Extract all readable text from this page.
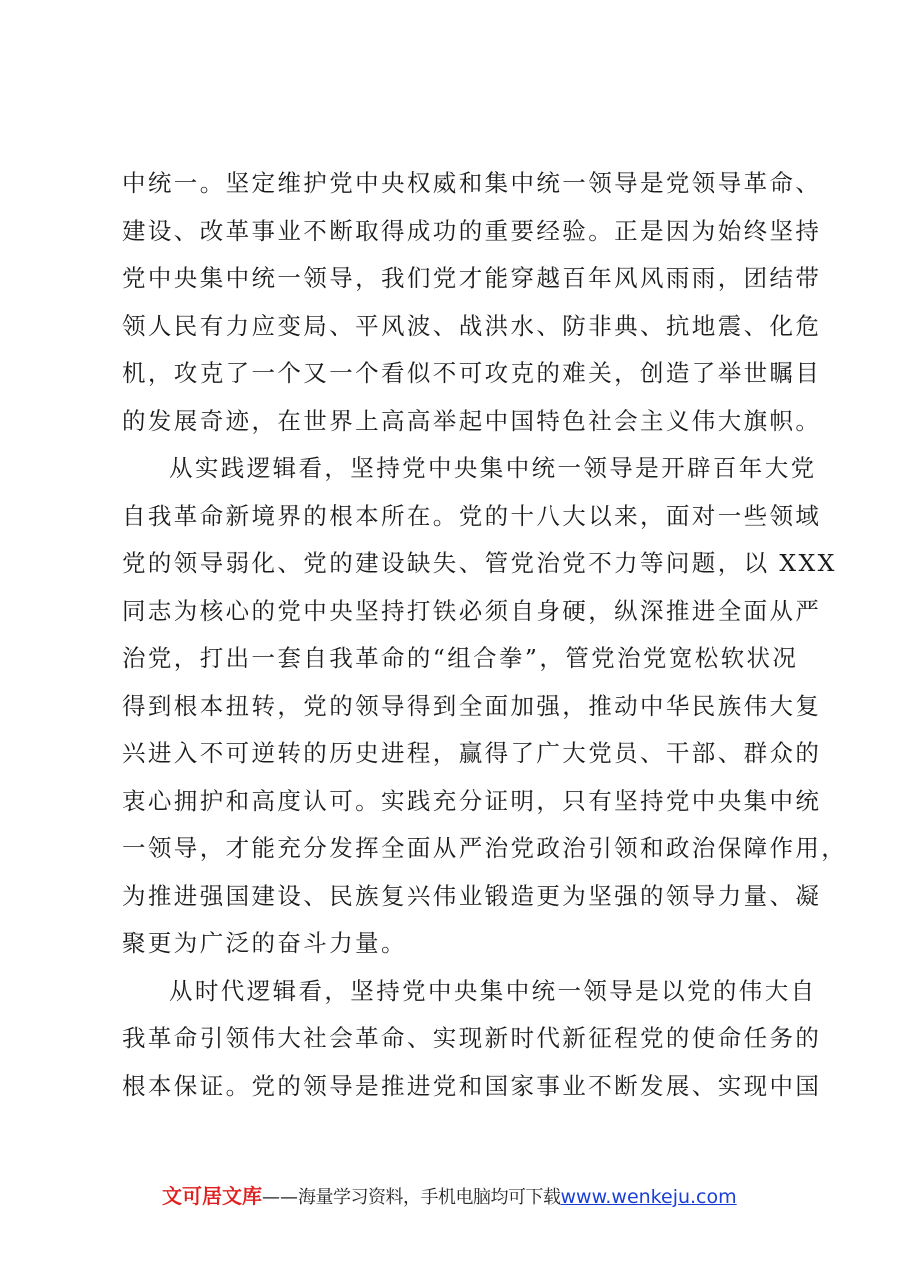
中统一。坚定维护党中央权威和集中统一领导是党领导革命、
建设、改革事业不断取得成功的重要经验。正是因为始终坚持
党中央集中统一领导，我们党才能穿越百年风风雨雨，团结带
领人民有力应变局、平风波、战洪水、防非典、抗地震、化危
机，攻克了一个又一个看似不可攻克的难关，创造了举世瞩目
的发展奇迹，在世界上高高举起中国特色社会主义伟大旗帜。
从实践逻辑看，坚持党中央集中统一领导是开辟百年大党
自我革命新境界的根本所在。党的十八大以来，面对一些领域
党的领导弱化、党的建设缺失、管党治党不力等问题，以 XXX
同志为核心的党中央坚持打铁必须自身硬，纵深推进全面从严
治党，打出一套自我革命的“组合拳”，管党治党宽松软状况
得到根本扭转，党的领导得到全面加强，推动中华民族伟大复
兴进入不可逆转的历史进程，赢得了广大党员、干部、群众的
衷心拥护和高度认可。实践充分证明，只有坚持党中央集中统
一领导，才能充分发挥全面从严治党政治引领和政治保障作用，
为推进强国建设、民族复兴伟业锻造更为坚强的领导力量、凝
聚更为广泛的奋斗力量。
从时代逻辑看，坚持党中央集中统一领导是以党的伟大自
我革命引领伟大社会革命、实现新时代新征程党的使命任务的
根本保证。党的领导是推进党和国家事业不断发展、实现中国
文可居文库——海量学习资料，手机电脑均可下载www.wenkeju.com
